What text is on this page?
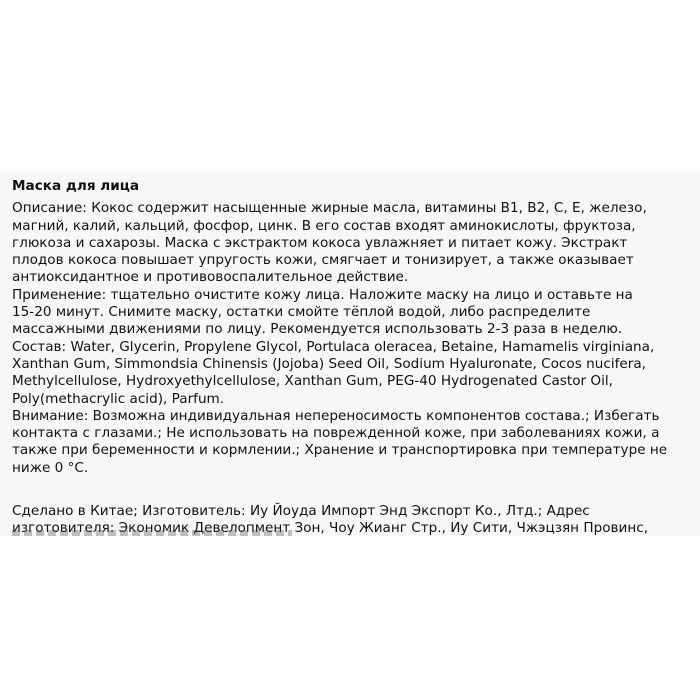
Маска для лица
Описание: Кокос содержит насыщенные жирные масла, витамины B1, B2, C, E, железо,
магний, калий, кальций, фосфор, цинк. В его состав входят аминокислоты, фруктоза,
глюкоза и сахарозы. Маска с экстрактом кокоса увлажняет и питает кожу. Экстракт
плодов кокоса повышает упругость кожи, смягчает и тонизирует, а также оказывает
антиоксидантное и противовоспалительное действие.
Применение: тщательно очистите кожу лица. Наложите маску на лицо и оставьте на
15-20 минут. Снимите маску, остатки смойте тёплой водой, либо распределите
массажными движениями по лицу. Рекомендуется использовать 2-3 раза в неделю.
Состав: Water, Glycerin, Propylene Glycol, Portulaca oleracea, Betaine, Hamamelis virginiana,
Xanthan Gum, Simmondsia Chinensis (Jojoba) Seed Oil, Sodium Hyaluronate, Cocos nucifera,
Methylcellulose, Hydroxyethylcellulose, Xanthan Gum, PEG-40 Hydrogenated Castor Oil,
Poly(methacrylic acid), Parfum.
Внимание: Возможна индивидуальная непереносимость компонентов состава.; Избегать
контакта с глазами.; Не использовать на поврежденной коже, при заболеваниях кожи, а
также при беременности и кормлении.; Хранение и транспортировка при температуре не
ниже 0 °C.
Сделано в Китае; Изготовитель: Иу Йоуда Импорт Энд Экспорт Ко., Лтд.; Адрес
изготовителя: Экономик Девелопмент Зон, Чоу Жианг Стр., Иу Сити, Чжэцзян Провинс,
